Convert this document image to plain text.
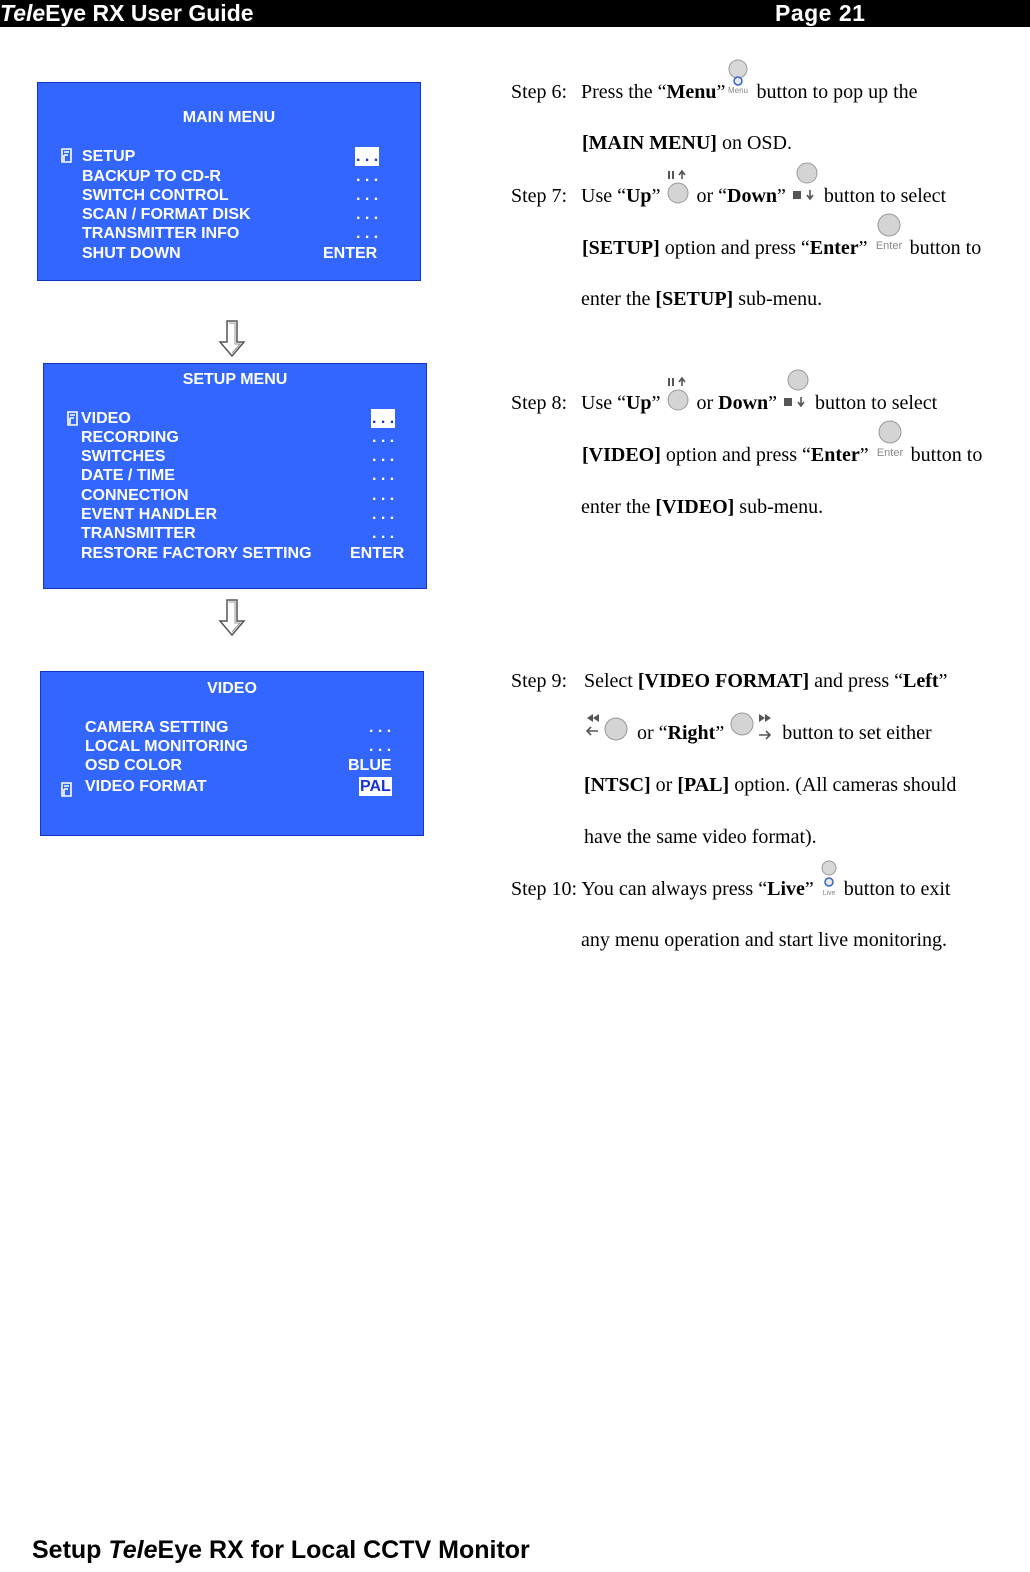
TeleEye RX User Guide	Page 21
MAIN MENU
SETUP	. . .
BACKUP TO CD-R	. . .
SWITCH CONTROL	. . .
SCAN / FORMAT DISK	. . .
TRANSMITTER INFO	. . .
SHUT DOWN	ENTER
SETUP MENU
VIDEO	. . .
RECORDING	. . .
SWITCHES	. . .
DATE / TIME	. . .
CONNECTION	. . .
EVENT HANDLER	. . .
TRANSMITTER	. . .
RESTORE FACTORY SETTING ENTER
VIDEO
CAMERA SETTING	. . .
LOCAL MONITORING	. . .
OSD COLOR	BLUE
VIDEO FORMAT	PAL
Step 6: Press the “Menu” Menu button to pop up the
[MAIN MENU] on OSD.
Step 7: Use “Up”
or “Down”
button to select
[SETUP] option and press “Enter” Enter button to
enter the [SETUP] sub-menu.
Step 8: Use “Up”
or Down”
button to select
[VIDEO] option and press “Enter” Enter button to
enter the [VIDEO] sub-menu.
Step 9: Select [VIDEO FORMAT] and press “Left”
or “Right”	button to set either
[NTSC] or [PAL] option. (All cameras should
have the same video format).
Step 10: You can always press “Live” Live button to exit
any menu operation and start live monitoring.
Setup TeleEye RX for Local CCTV Monitor
